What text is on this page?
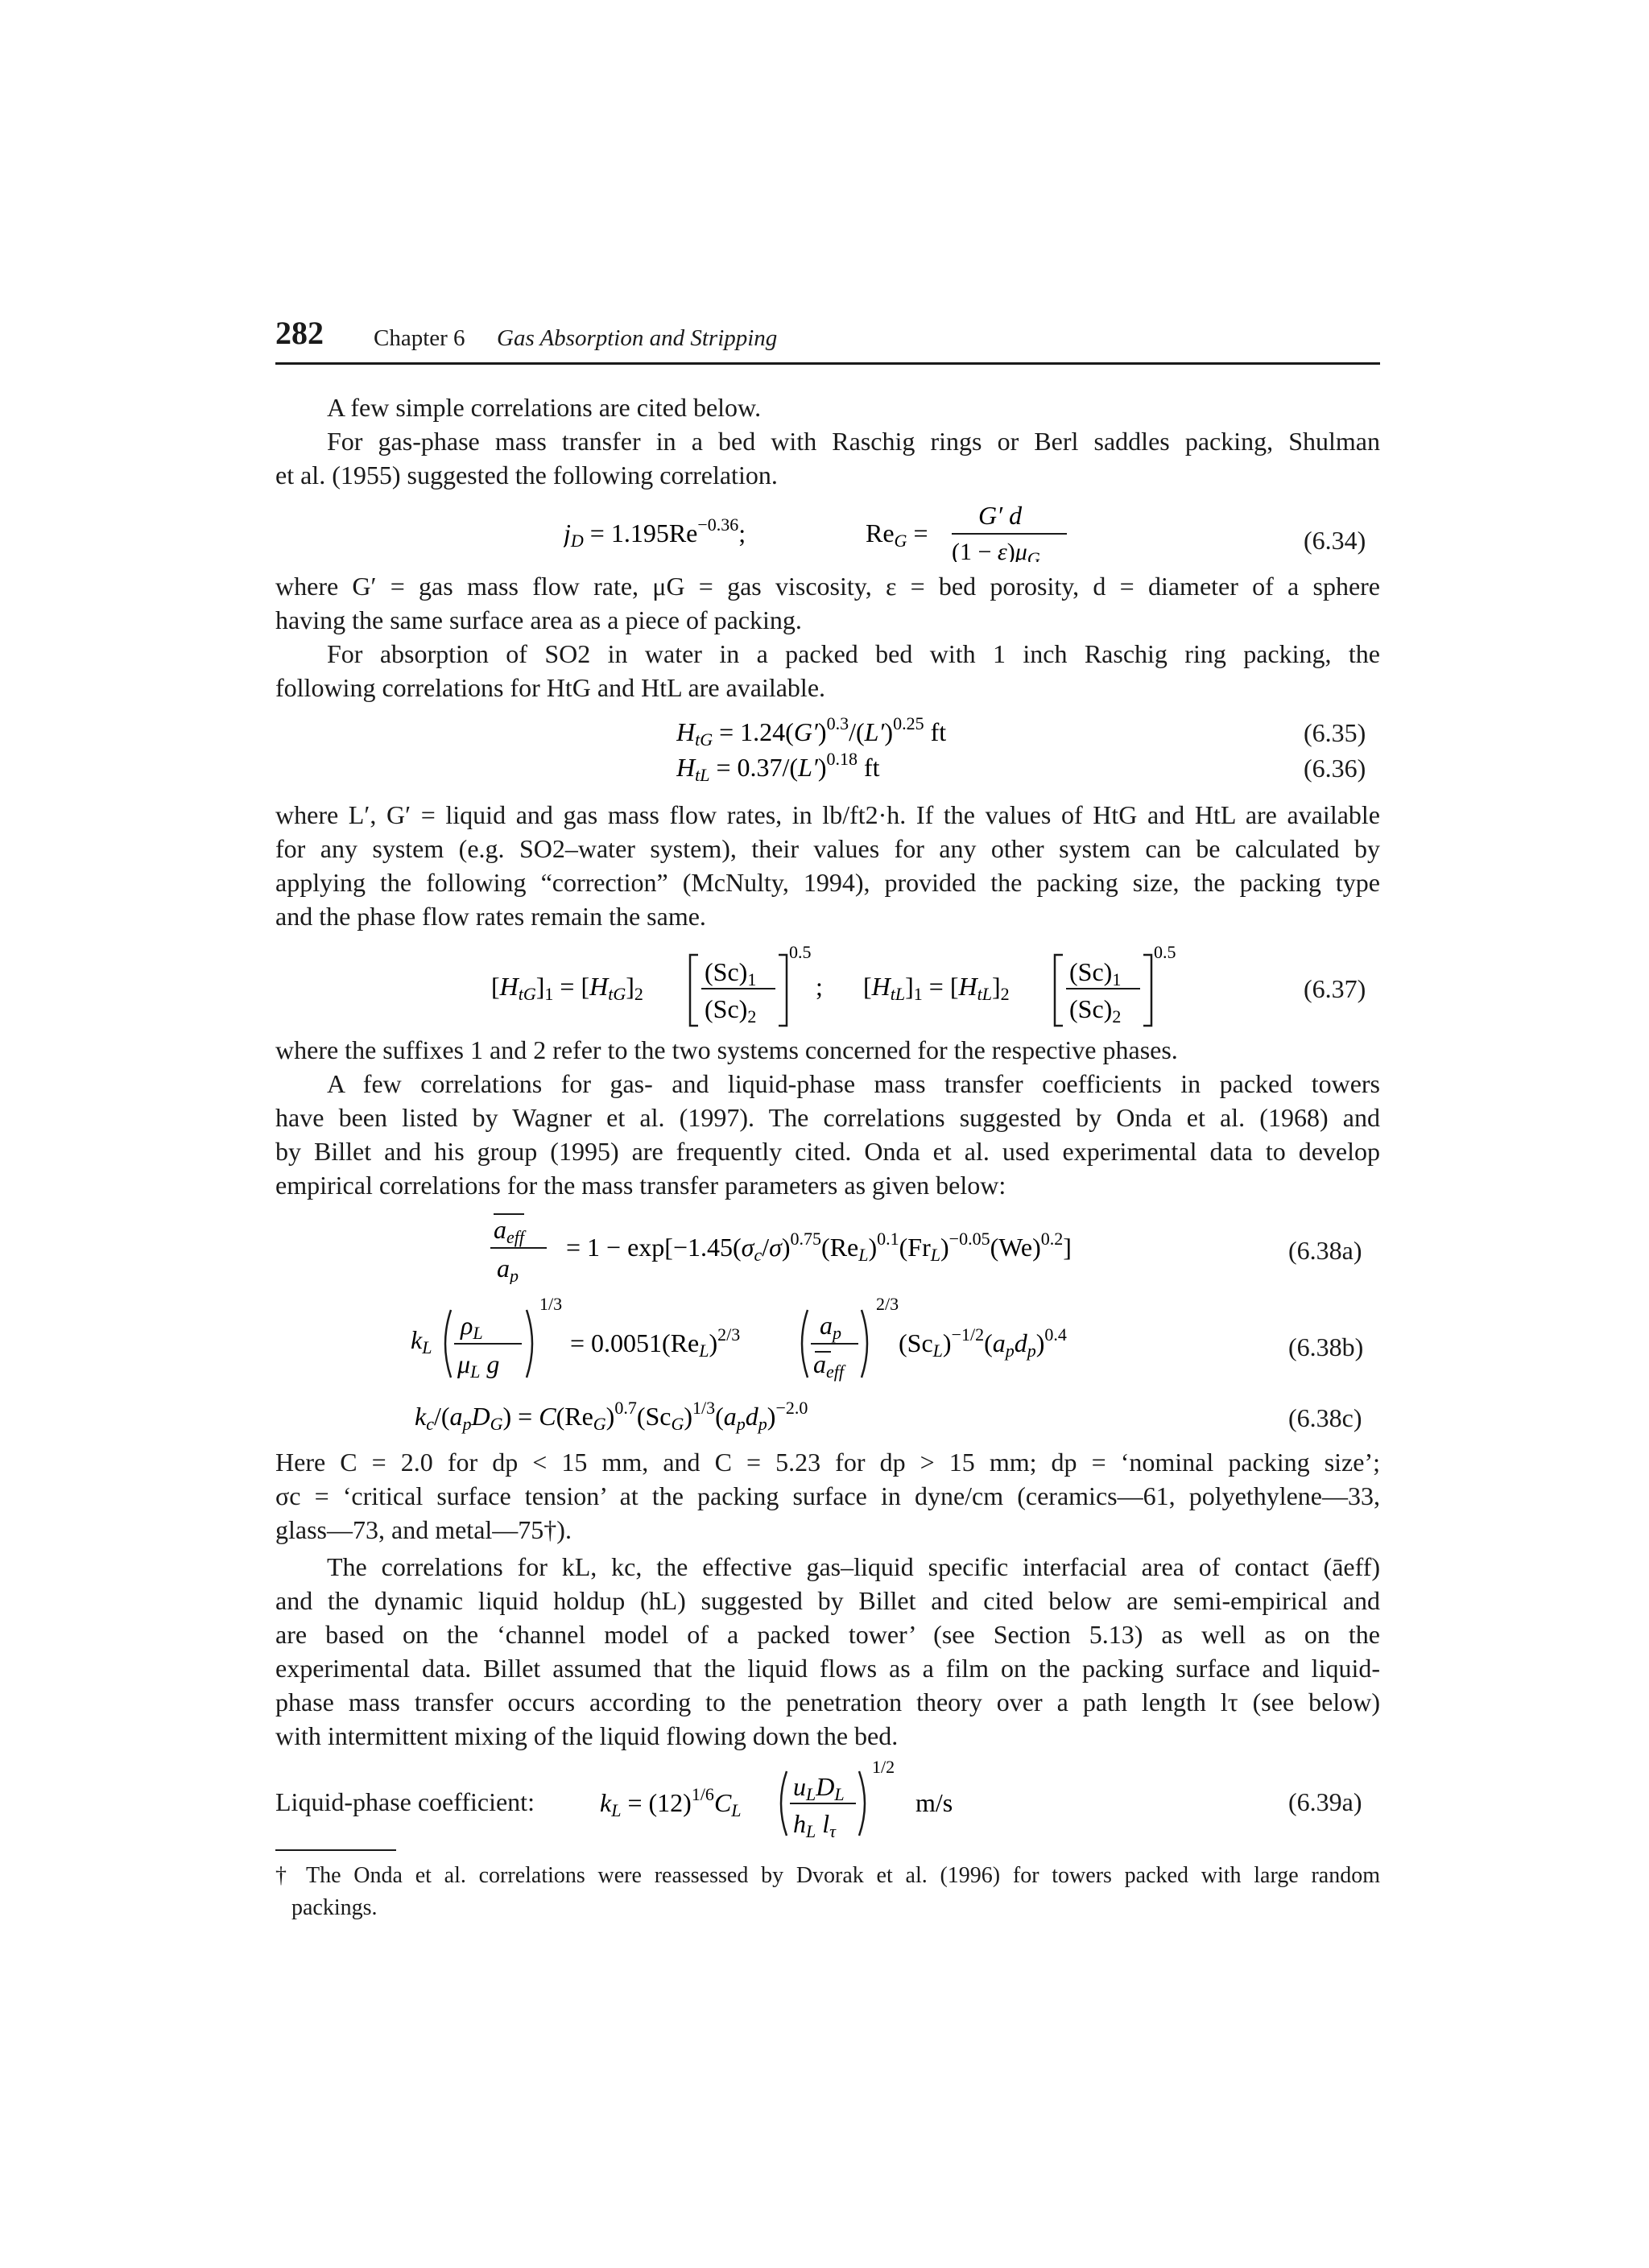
282 Chapter 6 Gas Absorption and Stripping
A few simple correlations are cited below.
For gas-phase mass transfer in a bed with Raschig rings or Berl saddles packing, Shulman
et al. (1955) suggested the following correlation.
jD = $1.195Re^{-0.36}$;	ReG =
G′ d
$(1 - \varepsilon)\mu_G$
(6.34)
where G′ = gas mass flow rate, μG = gas viscosity, ε = bed porosity, d = diameter of a sphere
having the same surface area as a piece of packing.
For absorption of SO2 in water in a packed bed with 1 inch Raschig ring packing, the
following correlations for HtG and HtL are available.
HtG = $1.24(G')^{0.3}/(L')^{0.25}$ ft	(6.35)
HtL = $0.37/(L')^{0.18}$ ft	(6.36)
where L′, G′ = liquid and gas mass flow rates, in lb/ft2·h. If the values of HtG and HtL are available
for any system (e.g. SO2–water system), their values for any other system can be calculated by
applying the following “correction” (McNulty, 1994), provided the packing size, the packing type
and the phase flow rates remain the same.
[HtG]1 = [HtG]2
(Sc)1
(Sc)2
0.5
; [HtL]1 = [HtL]2
(Sc)1
(Sc)2
0.5
(6.37)
where the suffixes 1 and 2 refer to the two systems concerned for the respective phases.
A few correlations for gas- and liquid-phase mass transfer coefficients in packed towers
have been listed by Wagner et al. (1997). The correlations suggested by Onda et al. (1968) and
by Billet and his group (1995) are frequently cited. Onda et al. used experimental data to develop
empirical correlations for the mass transfer parameters as given below:
aeff
ap
= $1 - \exp[-1.45(\sigma c/\sigma)^{0.75}(ReL)^{0.1}(FrL)^{-0.05}(We)^{0.2}]$	(6.38a)
kL
ρL
μL g
1/3
= 0.0051(ReL)$^{2/3}$	ap
aeff
2/3
(ScL)$^{-1/2}$(apdp)$^{0.4}$	(6.38b)
kc/(apDG) = C(ReG)$^{0.7}$(ScG)$^{1/3}$(apdp)$^{-2.0}$	(6.38c)
Here C = 2.0 for dp < 15 mm, and C = 5.23 for dp > 15 mm; dp = ‘nominal packing size’;
σc = ‘critical surface tension’ at the packing surface in dyne/cm (ceramics—61, polyethylene—33,
glass—73, and metal—75†).
The correlations for kL, kc, the effective gas–liquid specific interfacial area of contact (āeff)
and the dynamic liquid holdup (hL) suggested by Billet and cited below are semi-empirical and
are based on the ‘channel model of a packed tower’ (see Section 5.13) as well as on the
experimental data. Billet assumed that the liquid flows as a film on the packing surface and liquid-
phase mass transfer occurs according to the penetration theory over a path length lτ (see below)
with intermittent mixing of the liquid flowing down the bed.
Liquid-phase coefficient:	kL = $(12)^{1/6}CL$
uLDL
hL lτ
1/2
m/s	(6.39a)
† The Onda et al. correlations were reassessed by Dvorak et al. (1996) for towers packed with large random
packings.
